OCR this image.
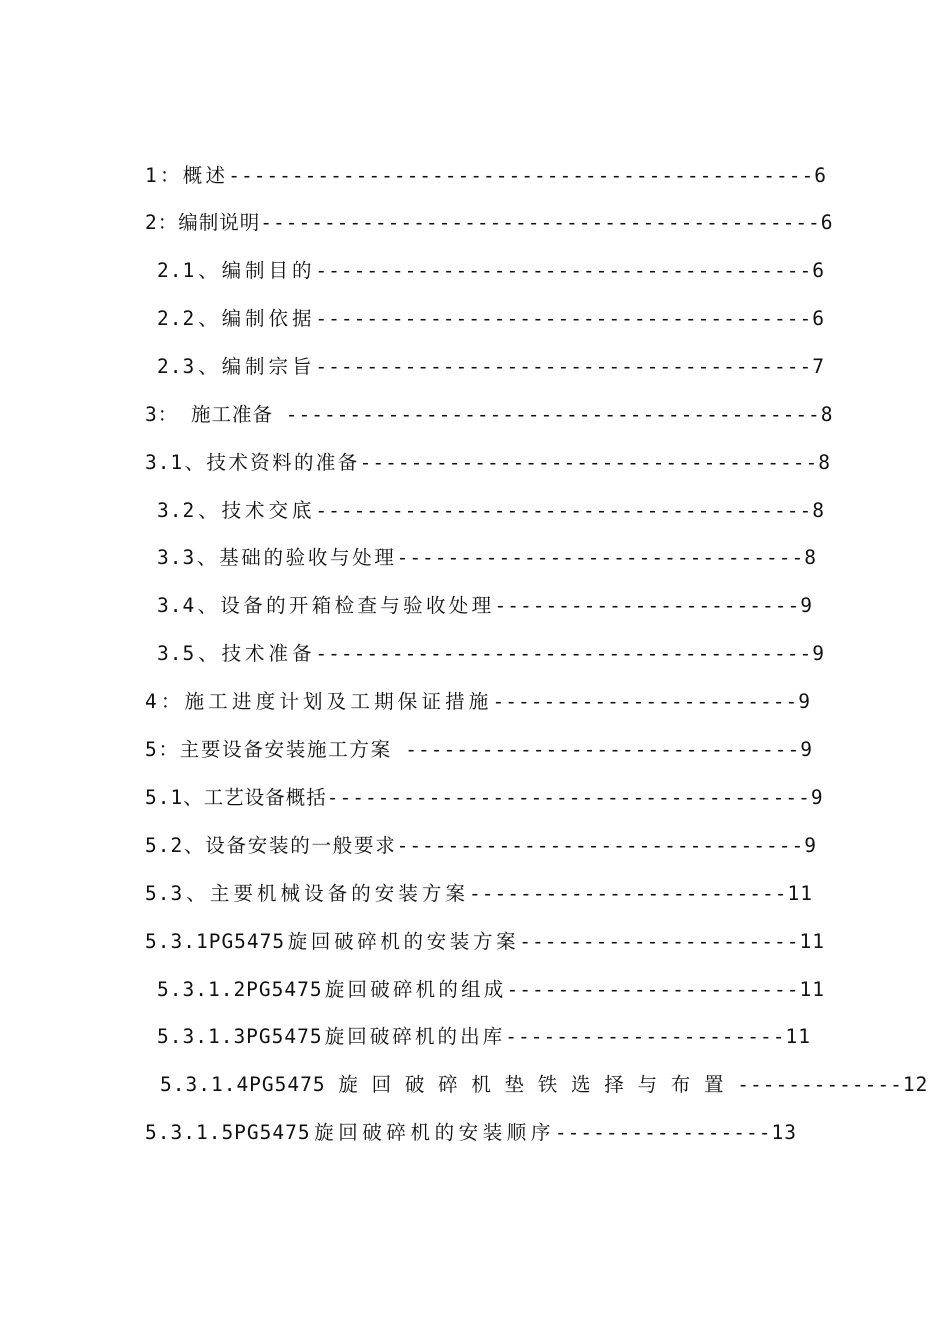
1：概述----------------------------------------------6
2：编制说明--------------------------------------------6
2.1、编制目的---------------------------------------6
2.2、编制依据---------------------------------------6
2.3、编制宗旨---------------------------------------7
3： 施工准备 ------------------------------------------8
3.1、技术资料的准备------------------------------------8
3.2、技术交底---------------------------------------8
3.3、基础的验收与处理--------------------------------8
3.4、设备的开箱检查与验收处理------------------------9
3.5、技术准备---------------------------------------9
4：施工进度计划及工期保证措施------------------------9
5：主要设备安装施工方案 -------------------------------9
5.1、工艺设备概括--------------------------------------9
5.2、设备安装的一般要求--------------------------------9
5.3、主要机械设备的安装方案-------------------------11
5.3.1PG5475旋回破碎机的安装方案----------------------11
5.3.1.2PG5475旋回破碎机的组成-----------------------11
5.3.1.3PG5475旋回破碎机的出库----------------------11
5.3.1.4PG5475 旋 回 破 碎 机 垫 铁 选 择 与 布 置 -------------12
5.3.1.5PG5475旋回破碎机的安装顺序-----------------13
